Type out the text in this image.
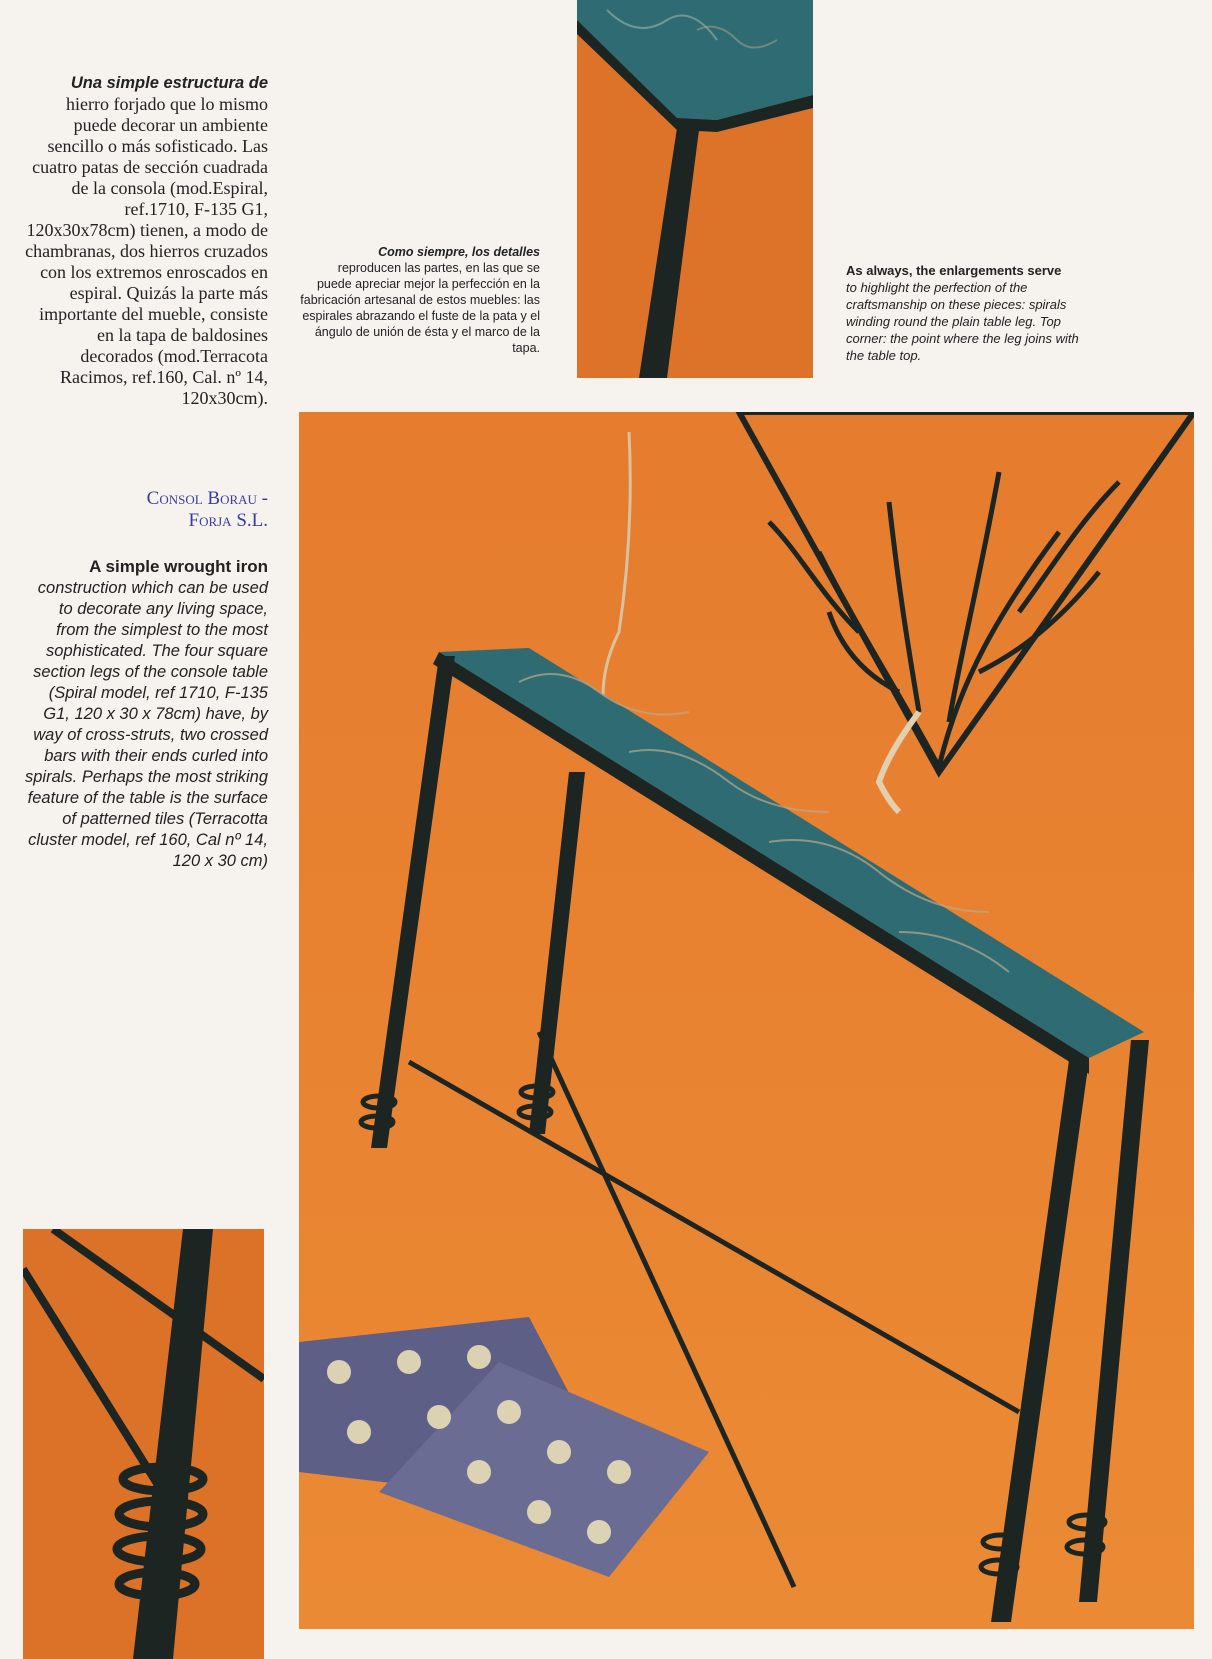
Una simple estructura de
hierro forjado que lo mismo puede decorar un ambiente sencillo o más sofisticado. Las cuatro patas de sección cuadrada de la consola (mod.Espiral, ref.1710, F-135 G1, 120x30x78cm) tienen, a modo de chambranas, dos hierros cruzados con los extremos enroscados en espiral. Quizás la parte más importante del mueble, consiste en la tapa de baldosines decorados (mod.Terracota Racimos, ref.160, Cal. nº 14, 120x30cm).
Consol Borau -
Forja S.L.
A simple wrought iron
construction which can be used to decorate any living space, from the simplest to the most sophisticated. The four square section legs of the console table (Spiral model, ref 1710, F-135 G1, 120 x 30 x 78cm) have, by way of cross-struts, two crossed bars with their ends curled into spirals. Perhaps the most striking feature of the table is the surface of patterned tiles (Terracotta cluster model, ref 160, Cal nº 14, 120 x 30 cm)
Como siempre, los detalles
reproducen las partes, en las que se puede apreciar mejor la perfección en la fabricación artesanal de estos muebles: las espirales abrazando el fuste de la pata y el ángulo de unión de ésta y el marco de la tapa.
As always, the enlargements serve
to highlight the perfection of the craftsmanship on these pieces: spirals winding round the plain table leg. Top corner: the point where the leg joins with the table top.
